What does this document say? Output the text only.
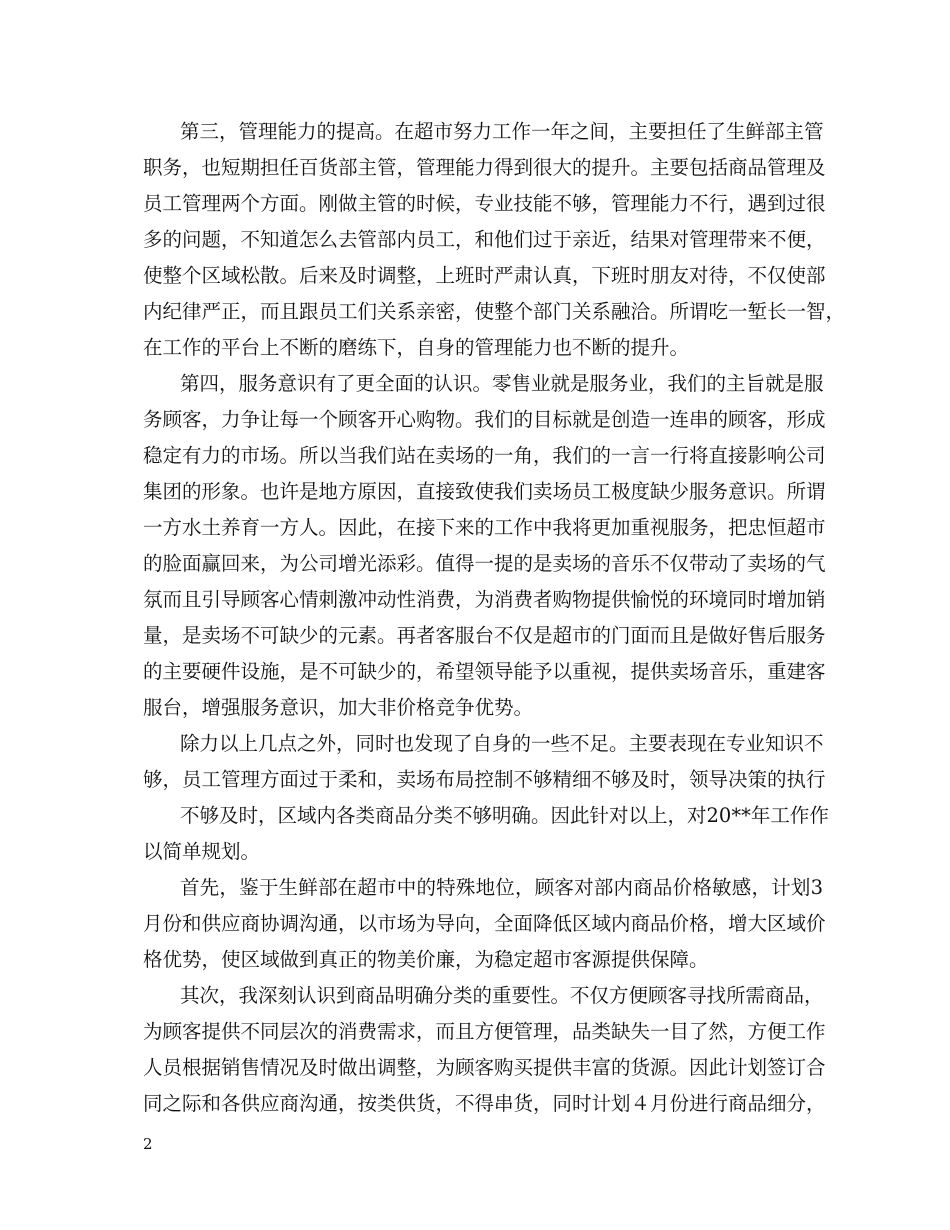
第三，管理能力的提高。在超市努力工作一年之间，主要担任了生鲜部主管
职务，也短期担任百货部主管，管理能力得到很大的提升。主要包括商品管理及
员工管理两个方面。刚做主管的时候，专业技能不够，管理能力不行，遇到过很
多的问题，不知道怎么去管部内员工，和他们过于亲近，结果对管理带来不便，
使整个区域松散。后来及时调整，上班时严肃认真，下班时朋友对待，不仅使部
内纪律严正，而且跟员工们关系亲密，使整个部门关系融洽。所谓吃一堑长一智，
在工作的平台上不断的磨练下，自身的管理能力也不断的提升。
第四，服务意识有了更全面的认识。零售业就是服务业，我们的主旨就是服
务顾客，力争让每一个顾客开心购物。我们的目标就是创造一连串的顾客，形成
稳定有力的市场。所以当我们站在卖场的一角，我们的一言一行将直接影响公司
集团的形象。也许是地方原因，直接致使我们卖场员工极度缺少服务意识。所谓
一方水土养育一方人。因此，在接下来的工作中我将更加重视服务，把忠恒超市
的脸面赢回来，为公司增光添彩。值得一提的是卖场的音乐不仅带动了卖场的气
氛而且引导顾客心情刺激冲动性消费，为消费者购物提供愉悦的环境同时增加销
量，是卖场不可缺少的元素。再者客服台不仅是超市的门面而且是做好售后服务
的主要硬件设施，是不可缺少的，希望领导能予以重视，提供卖场音乐，重建客
服台，增强服务意识，加大非价格竞争优势。
除力以上几点之外，同时也发现了自身的一些不足。主要表现在专业知识不
够，员工管理方面过于柔和，卖场布局控制不够精细不够及时，领导决策的执行
不够及时，区域内各类商品分类不够明确。因此针对以上，对20**年工作作
以简单规划。
首先，鉴于生鲜部在超市中的特殊地位，顾客对部内商品价格敏感，计划3
月份和供应商协调沟通，以市场为导向，全面降低区域内商品价格，增大区域价
格优势，使区域做到真正的物美价廉，为稳定超市客源提供保障。
其次，我深刻认识到商品明确分类的重要性。不仅方便顾客寻找所需商品，
为顾客提供不同层次的消费需求，而且方便管理，品类缺失一目了然，方便工作
人员根据销售情况及时做出调整，为顾客购买提供丰富的货源。因此计划签订合
同之际和各供应商沟通，按类供货，不得串货，同时计划４月份进行商品细分，
2
